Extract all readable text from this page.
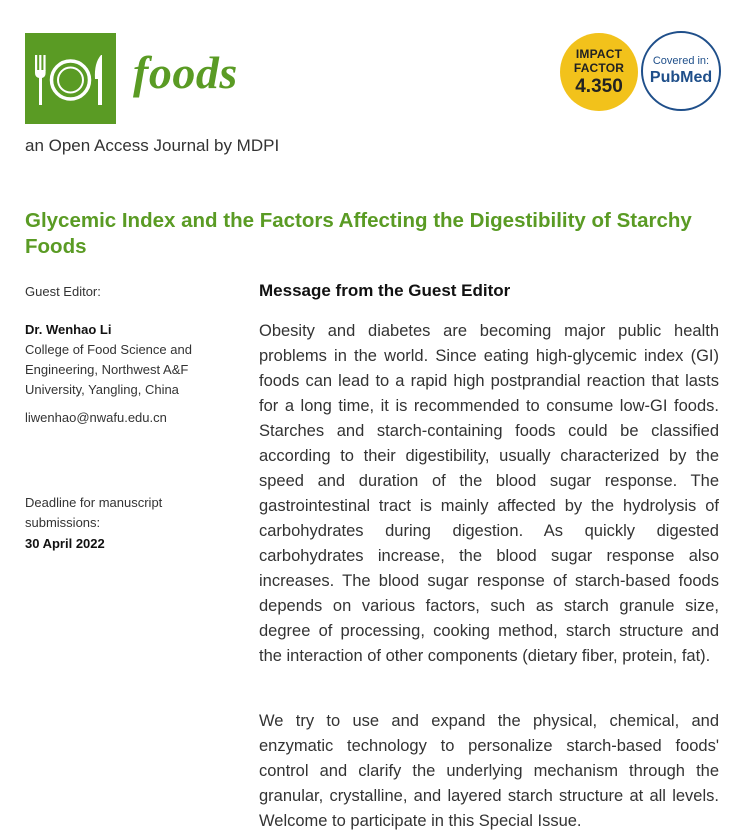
foods
an Open Access Journal by MDPI
IMPACT
FACTOR
4.350
Covered in:
PubMed
Glycemic Index and the Factors Affecting the Digestibility of Starchy Foods
Guest Editor:
Dr. Wenhao Li
College of Food Science and Engineering, Northwest A&F University, Yangling, China
liwenhao@nwafu.edu.cn
Deadline for manuscript submissions:
30 April 2022
Message from the Guest Editor

Obesity and diabetes are becoming major public health problems in the world. Since eating high-glycemic index (GI) foods can lead to a rapid high postprandial reaction that lasts for a long time, it is recommended to consume low-GI foods. Starches and starch-containing foods could be classified according to their digestibility, usually characterized by the speed and duration of the blood sugar response. The gastrointestinal tract is mainly affected by the hydrolysis of carbohydrates during digestion. As quickly digested carbohydrates increase, the blood sugar response also increases. The blood sugar response of starch-based foods depends on various factors, such as starch granule size, degree of processing, cooking method, starch structure and the interaction of other components (dietary fiber, protein, fat).

We try to use and expand the physical, chemical, and enzymatic technology to personalize starch-based foods' control and clarify the underlying mechanism through the granular, crystalline, and layered starch structure at all levels. Welcome to participate in this Special Issue.
